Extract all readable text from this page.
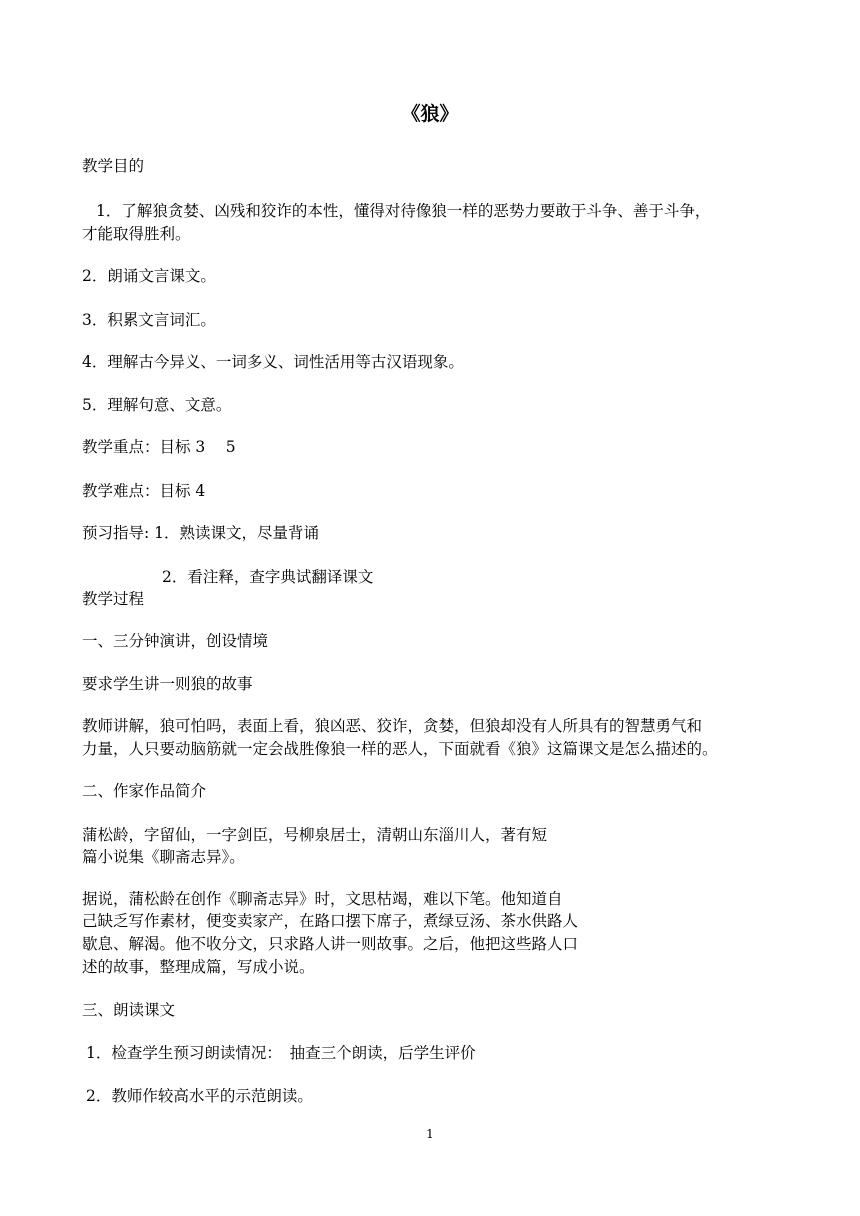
《狼》

教学目的

1．了解狼贪婪、凶残和狡诈的本性，懂得对待像狼一样的恶势力要敢于斗争、善于斗争，

才能取得胜利。

2．朗诵文言课文。

3．积累文言词汇。

4．理解古今异义、一词多义、词性活用等古汉语现象。

5．理解句意、文意。

教学重点：目标 3　 5

教学难点：目标 4

预习指导: 1．熟读课文，尽量背诵

2．看注释，查字典试翻译课文

教学过程

一、三分钟演讲，创设情境

要求学生讲一则狼的故事

教师讲解，狼可怕吗，表面上看，狼凶恶、狡诈，贪婪，但狼却没有人所具有的智慧勇气和

力量，人只要动脑筋就一定会战胜像狼一样的恶人，下面就看《狼》这篇课文是怎么描述的。

二、作家作品简介

蒲松龄，字留仙，一字剑臣，号柳泉居士，清朝山东淄川人，著有短

篇小说集《聊斋志异》。

据说，蒲松龄在创作《聊斋志异》时，文思枯竭，难以下笔。他知道自

己缺乏写作素材，便变卖家产，在路口摆下席子，煮绿豆汤、茶水供路人

歇息、解渴。他不收分文，只求路人讲一则故事。之后，他把这些路人口

述的故事，整理成篇，写成小说。

三、朗读课文

1．检查学生预习朗读情况：　抽查三个朗读，后学生评价

2．教师作较高水平的示范朗读。

1
